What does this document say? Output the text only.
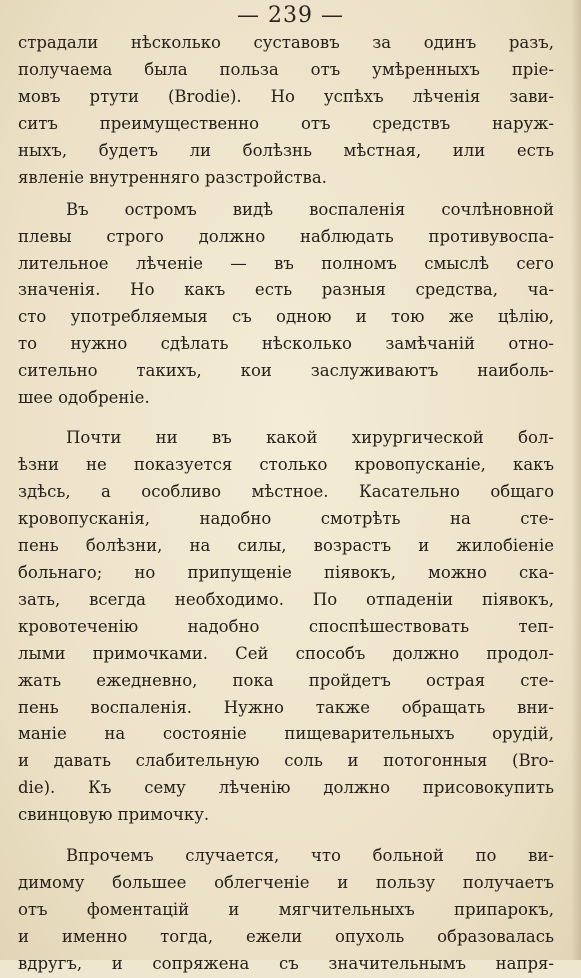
— 239 —
страдали нѣсколько суставовъ за одинъ разъ,
получаема была польза отъ умѣренныхъ прiе-
мовъ ртути (Brodie). Но успѣхъ лѣченiя зави-
ситъ преимущественно отъ средствъ наруж-
ныхъ, будетъ ли болѣзнь мѣстная, или есть
явленiе внутренняго разстройства.
Въ остромъ видѣ воспаленiя сочлѣновной
плевы строго должно наблюдать противувоспа-
лительное лѣченiе — въ полномъ смыслѣ сего
значенiя. Но какъ есть разныя средства, ча-
сто употребляемыя съ одною и тою же цѣлiю,
то нужно сдѣлать нѣсколько замѣчанiй отно-
сительно такихъ, кои заслуживаютъ наиболь-
шее одобренiе.
Почти ни въ какой хирургической бол-
ѣзни не показуется столько кровопусканiе, какъ
здѣсь, а особливо мѣстное. Касательно общаго
кровопусканiя, надобно смотрѣть на сте-
пень болѣзни, на силы, возрастъ и жилобiенiе
больнаго; но припущенiе пiявокъ, можно ска-
зать, всегда необходимо. По отпаденiи пiявокъ,
кровотеченiю надобно споспѣшествовать теп-
лыми примочками. Сей способъ должно продол-
жать ежедневно, пока пройдетъ острая сте-
пень воспаленiя. Нужно также обращать вни-
манiе на состоянiе пищеварительныхъ орудiй,
и давать слабительную соль и потогонныя (Bro-
die). Къ сему лѣченiю должно присовокупить
свинцовую примочку.
Впрочемъ случается, что больной по ви-
димому большее облегченiе и пользу получаетъ
отъ фоментацiй и мягчительныхъ припарокъ,
и именно тогда, ежели опухоль образовалась
вдругъ, и сопряжена съ значительнымъ напря-
